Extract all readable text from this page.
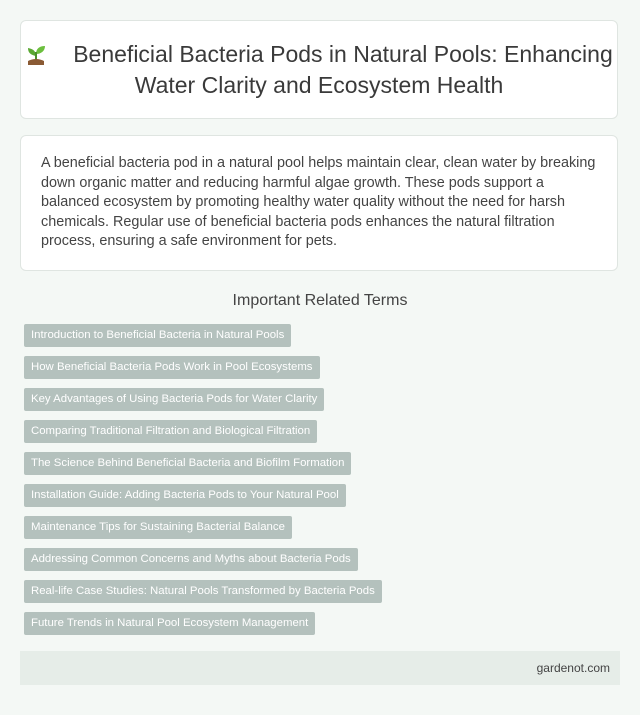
Beneficial Bacteria Pods in Natural Pools: Enhancing Water Clarity and Ecosystem Health

A beneficial bacteria pod in a natural pool helps maintain clear, clean water by breaking down organic matter and reducing harmful algae growth. These pods support a balanced ecosystem by promoting healthy water quality without the need for harsh chemicals. Regular use of beneficial bacteria pods enhances the natural filtration process, ensuring a safe environment for pets.

Important Related Terms
Introduction to Beneficial Bacteria in Natural Pools
How Beneficial Bacteria Pods Work in Pool Ecosystems
Key Advantages of Using Bacteria Pods for Water Clarity
Comparing Traditional Filtration and Biological Filtration
The Science Behind Beneficial Bacteria and Biofilm Formation
Installation Guide: Adding Bacteria Pods to Your Natural Pool
Maintenance Tips for Sustaining Bacterial Balance
Addressing Common Concerns and Myths about Bacteria Pods
Real-life Case Studies: Natural Pools Transformed by Bacteria Pods
Future Trends in Natural Pool Ecosystem Management
gardenot.com
